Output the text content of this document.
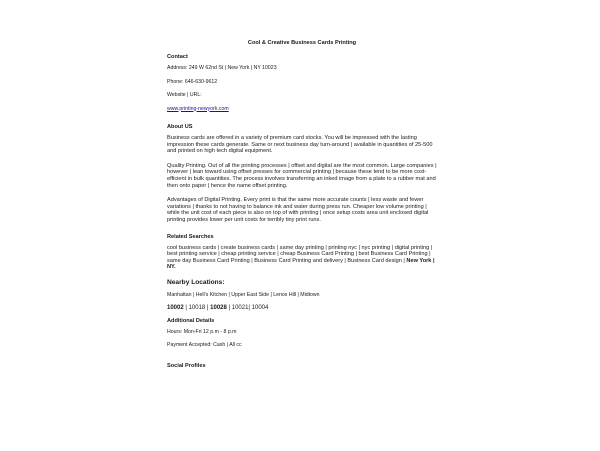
Cool & Creative Business Cards Printing
Contact
Address: 249 W 62nd St | New York | NY 10023
Phone: 646-630-9612
Website | URL:
www.printing-newyork.com
About US
Business cards are offered in a variety of premium card stocks. You will be impressed with the lasting impression these cards generate. Same or next business day turn-around | available in quantities of 25-500 and printed on high tech digital equipment.
Quality Printing. Out of all the printing processes | offset and digital are the most common. Large companies | however | lean toward using offset presses for commercial printing | because these tend to be more cost-efficient in bulk quantities. The process involves transferring an inked image from a plate to a rubber mat and then onto paper | hence the name offset printing.
Advantages of Digital Printing. Every print is that the same more accurate counts | less waste and fewer variations | thanks to not having to balance ink and water during press run. Cheaper low volume printing | while the unit cost of each piece is also on top of with printing | once setup costs area unit enclosed digital printing provides lower per unit costs for terribly tiny print runs.
Related Searches
cool business cards | create business cards | same day printing | printing nyc | nyc printing | digital printing | best printing service | cheap printing service | cheap Business Card Printing | best Business Card Printing | same day Business Card Printing | Business Card Printing and delivery | Business Card design | New York | NY.
Nearby Locations:
Manhattan | Hell's Kitchen | Upper East Side | Lenox Hill | Midtown
10002 | 10018 | 10028 | 10021| 10004
Additional Details
Hours: Mon-Fri 12 p.m - 8 p.m
Payment Accepted: Cash | All cc
Social Profiles
